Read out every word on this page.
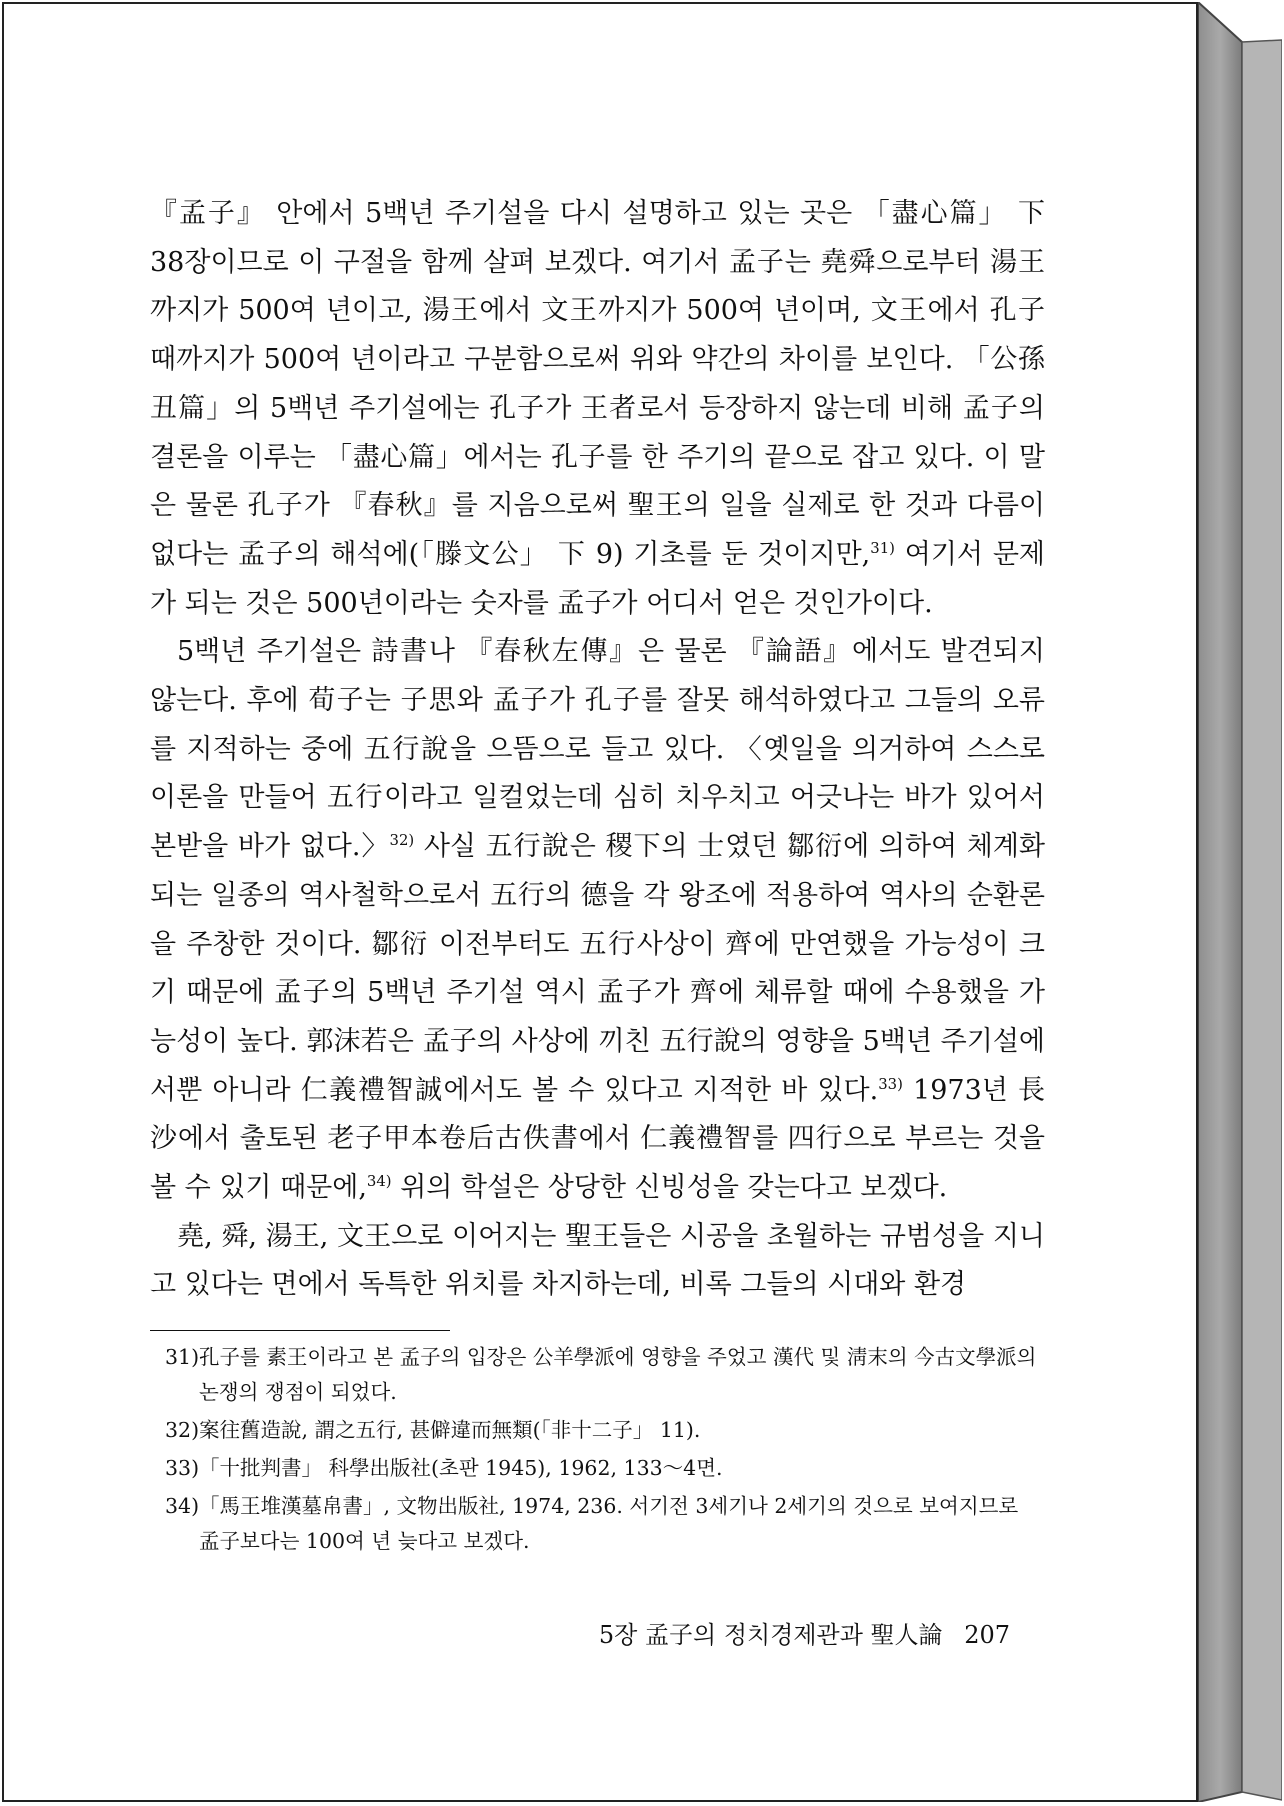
『孟子』 안에서 5백년 주기설을 다시 설명하고 있는 곳은 「盡心篇」 下 38장이므로 이 구절을 함께 살펴 보겠다. 여기서 孟子는 堯舜으로부터 湯王까지가 500여 년이고, 湯王에서 文王까지가 500여 년이며, 文王에서 孔子때까지가 500여 년이라고 구분함으로써 위와 약간의 차이를 보인다. 「公孫丑篇」의 5백년 주기설에는 孔子가 王者로서 등장하지 않는데 비해 孟子의 결론을 이루는 「盡心篇」에서는 孔子를 한 주기의 끝으로 잡고 있다. 이 말은 물론 孔子가 『春秋』를 지음으로써 聖王의 일을 실제로 한 것과 다름이 없다는 孟子의 해석에(「滕文公」 下 9) 기초를 둔 것이지만,$^{31)}$ 여기서 문제가 되는 것은 500년이라는 숫자를 孟子가 어디서 얻은 것인가이다.

5백년 주기설은 詩書나 『春秋左傳』은 물론 『論語』에서도 발견되지 않는다. 후에 荀子는 子思와 孟子가 孔子를 잘못 해석하였다고 그들의 오류를 지적하는 중에 五行說을 으뜸으로 들고 있다. 〈옛일을 의거하여 스스로 이론을 만들어 五行이라고 일컬었는데 심히 치우치고 어긋나는 바가 있어서 본받을 바가 없다.〉$^{32)}$ 사실 五行說은 稷下의 士였던 鄒衍에 의하여 체계화되는 일종의 역사철학으로서 五行의 德을 각 왕조에 적용하여 역사의 순환론을 주창한 것이다. 鄒衍 이전부터도 五行사상이 齊에 만연했을 가능성이 크기 때문에 孟子의 5백년 주기설 역시 孟子가 齊에 체류할 때에 수용했을 가능성이 높다. 郭沫若은 孟子의 사상에 끼친 五行說의 영향을 5백년 주기설에서뿐 아니라 仁義禮智誠에서도 볼 수 있다고 지적한 바 있다.$^{33)}$ 1973년 長沙에서 출토된 老子甲本卷后古佚書에서 仁義禮智를 四行으로 부르는 것을 볼 수 있기 때문에,$^{34)}$ 위의 학설은 상당한 신빙성을 갖는다고 보겠다.

堯, 舜, 湯王, 文王으로 이어지는 聖王들은 시공을 초월하는 규범성을 지니고 있다는 면에서 독특한 위치를 차지하는데, 비록 그들의 시대와 환경

31) 孔子를 素王이라고 본 孟子의 입장은 公羊學派에 영향을 주었고 漢代 및 淸末의 今古文學派의 논쟁의 쟁점이 되었다.
32) 案往舊造說, 謂之五行, 甚僻違而無類(「非十二子」 11).
33) 「十批判書」 科學出版社(초판 1945), 1962, 133～4면.
34) 「馬王堆漢墓帛書」, 文物出版社, 1974, 236. 서기전 3세기나 2세기의 것으로 보여지므로 孟子보다는 100여 년 늦다고 보겠다.
5장 孟子의 정치경제관과 聖人論 207
